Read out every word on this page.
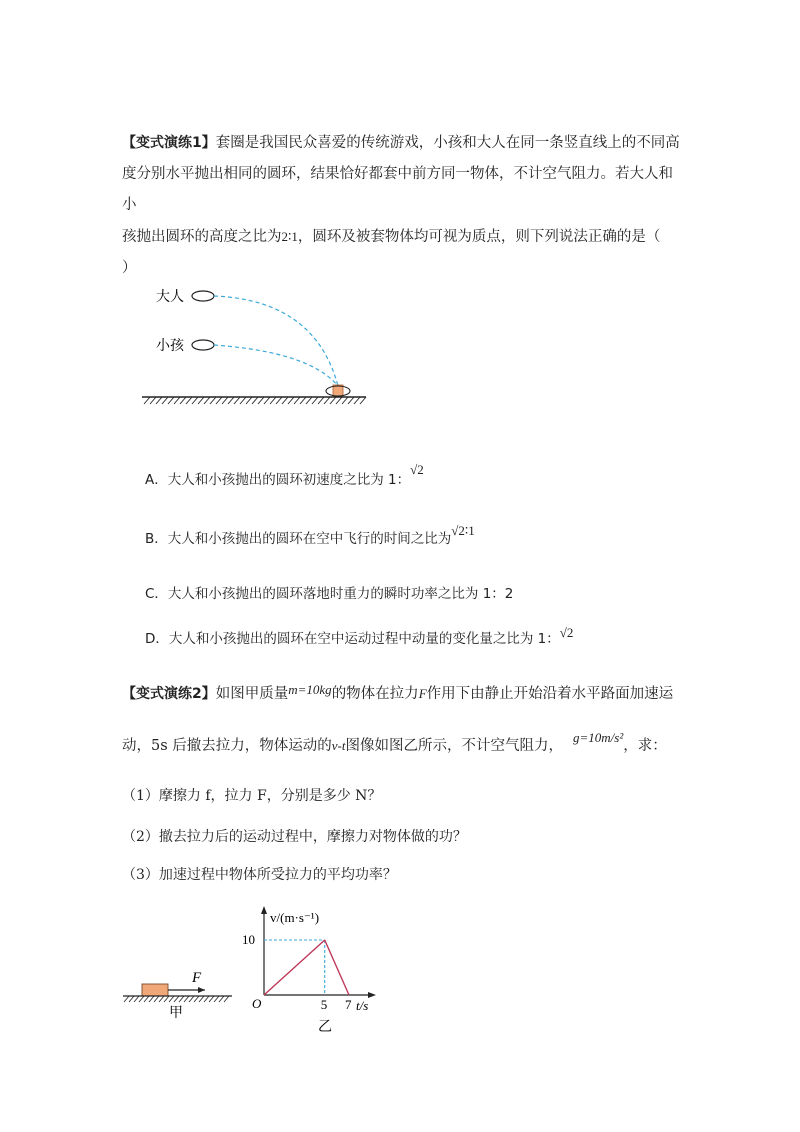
【变式演练1】套圈是我国民众喜爱的传统游戏，小孩和大人在同一条竖直线上的不同高
度分别水平抛出相同的圆环，结果恰好都套中前方同一物体，不计空气阻力。若大人和小
孩抛出圆环的高度之比为2∶1，圆环及被套物体均可视为质点，则下列说法正确的是（
）
大人
小孩
A．大人和小孩抛出的圆环初速度之比为 1：√2
B．大人和小孩抛出的圆环在空中飞行的时间之比为√2∶1
C．大人和小孩抛出的圆环落地时重力的瞬时功率之比为 1：2
D．大人和小孩抛出的圆环在空中运动过程中动量的变化量之比为 1：√2
【变式演练2】如图甲质量m=10kg的物体在拉力F作用下由静止开始沿着水平路面加速运
动，5s 后撤去拉力，物体运动的v-t图像如图乙所示，不计空气阻力，g=10m/s²，求：
（1）摩擦力 f，拉力 F，分别是多少 N？
（2）撤去拉力后的运动过程中，摩擦力对物体做的功？
（3）加速过程中物体所受拉力的平均功率？
F
甲
v/(m·s⁻¹)
t/s
O
10
5 7
乙
